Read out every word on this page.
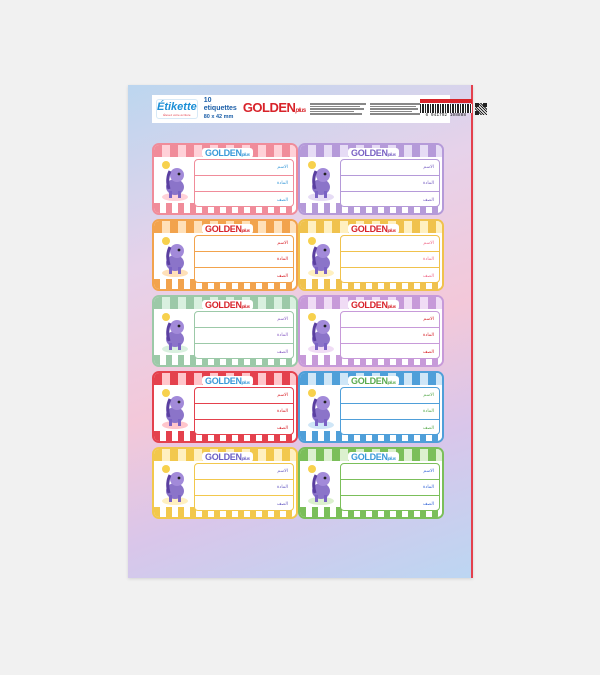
Étikette
Élevez votre écriture
10 etiquettes
80 x 42 mm
GOLDENplus
6 941792 108888
GOLDENplus
الاسم
المادة
الصف
GOLDENplus
الاسم
المادة
الصف
GOLDENplus
الاسم
المادة
الصف
GOLDENplus
الاسم
المادة
الصف
GOLDENplus
الاسم
المادة
الصف
GOLDENplus
الاسم
المادة
الصف
GOLDENplus
الاسم
المادة
الصف
GOLDENplus
الاسم
المادة
الصف
GOLDENplus
الاسم
المادة
الصف
GOLDENplus
الاسم
المادة
الصف
